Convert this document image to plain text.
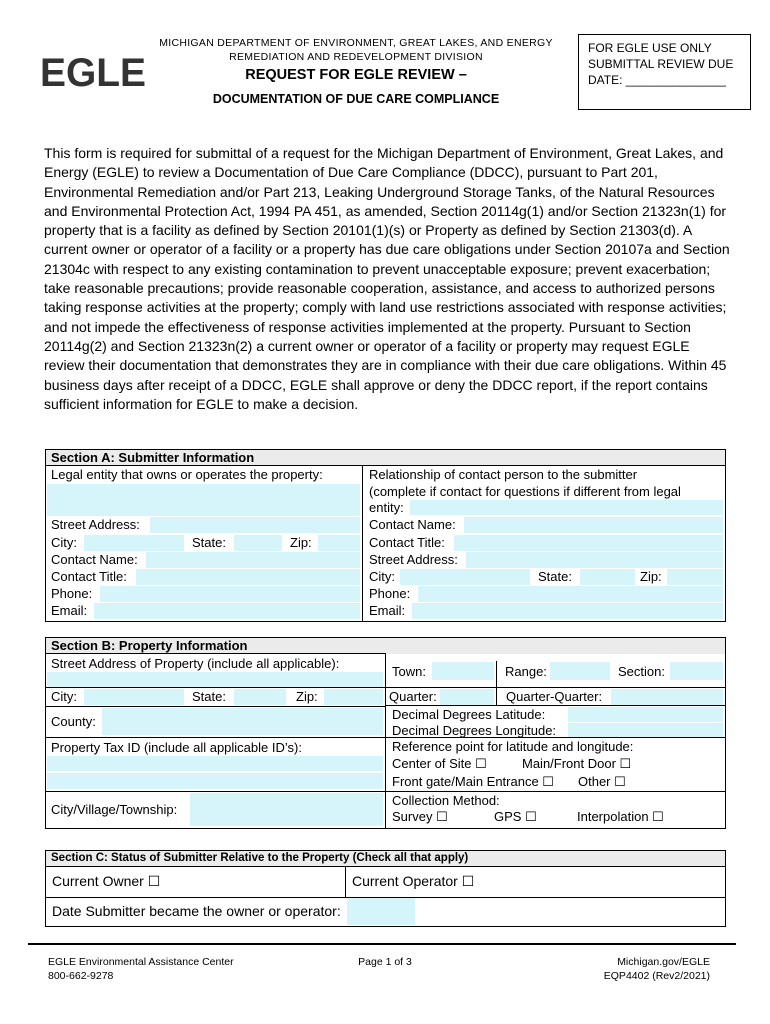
EGLE
MICHIGAN DEPARTMENT OF ENVIRONMENT, GREAT LAKES, AND ENERGY
REMEDIATION AND REDEVELOPMENT DIVISION
REQUEST FOR EGLE REVIEW –
DOCUMENTATION OF DUE CARE COMPLIANCE
FOR EGLE USE ONLY
SUBMITTAL REVIEW DUE
DATE: _______________
This form is required for submittal of a request for the Michigan Department of Environment, Great Lakes, and Energy (EGLE) to review a Documentation of Due Care Compliance (DDCC), pursuant to Part 201, Environmental Remediation and/or Part 213, Leaking Underground Storage Tanks, of the Natural Resources and Environmental Protection Act, 1994 PA 451, as amended, Section 20114g(1) and/or Section 21323n(1) for property that is a facility as defined by Section 20101(1)(s) or Property as defined by Section 21303(d). A current owner or operator of a facility or a property has due care obligations under Section 20107a and Section 21304c with respect to any existing contamination to prevent unacceptable exposure; prevent exacerbation; take reasonable precautions; provide reasonable cooperation, assistance, and access to authorized persons taking response activities at the property; comply with land use restrictions associated with response activities; and not impede the effectiveness of response activities implemented at the property. Pursuant to Section 20114g(2) and Section 21323n(2) a current owner or operator of a facility or property may request EGLE review their documentation that demonstrates they are in compliance with their due care obligations. Within 45 business days after receipt of a DDCC, EGLE shall approve or deny the DDCC report, if the report contains sufficient information for EGLE to make a decision.
Section A: Submitter Information
Legal entity that owns or operates the property:
Street Address:
City:	State:	Zip:
Contact Name:
Contact Title:
Phone:
Email:
Relationship of contact person to the submitter
(complete if contact for questions if different from legal
entity:
Contact Name:
Contact Title:
Street Address:
City:	State:	Zip:
Phone:
Email:
Section B: Property Information
Street Address of Property (include all applicable):
City:	State:	Zip:
County:
Property Tax ID (include all applicable ID’s):
City/Village/Township:
Town:	Range:	Section:
Quarter:	Quarter-Quarter:
Decimal Degrees Latitude:
Decimal Degrees Longitude:
Reference point for latitude and longitude:
Center of Site ☐	Main/Front Door ☐
Front gate/Main Entrance ☐ Other ☐
Collection Method:
Survey ☐	GPS ☐	Interpolation ☐
Section C: Status of Submitter Relative to the Property (Check all that apply)
Current Owner ☐	Current Operator ☐
Date Submitter became the owner or operator:
EGLE Environmental Assistance Center
800-662-9278
Page 1 of 3	Michigan.gov/EGLE
EQP4402 (Rev2/2021)
